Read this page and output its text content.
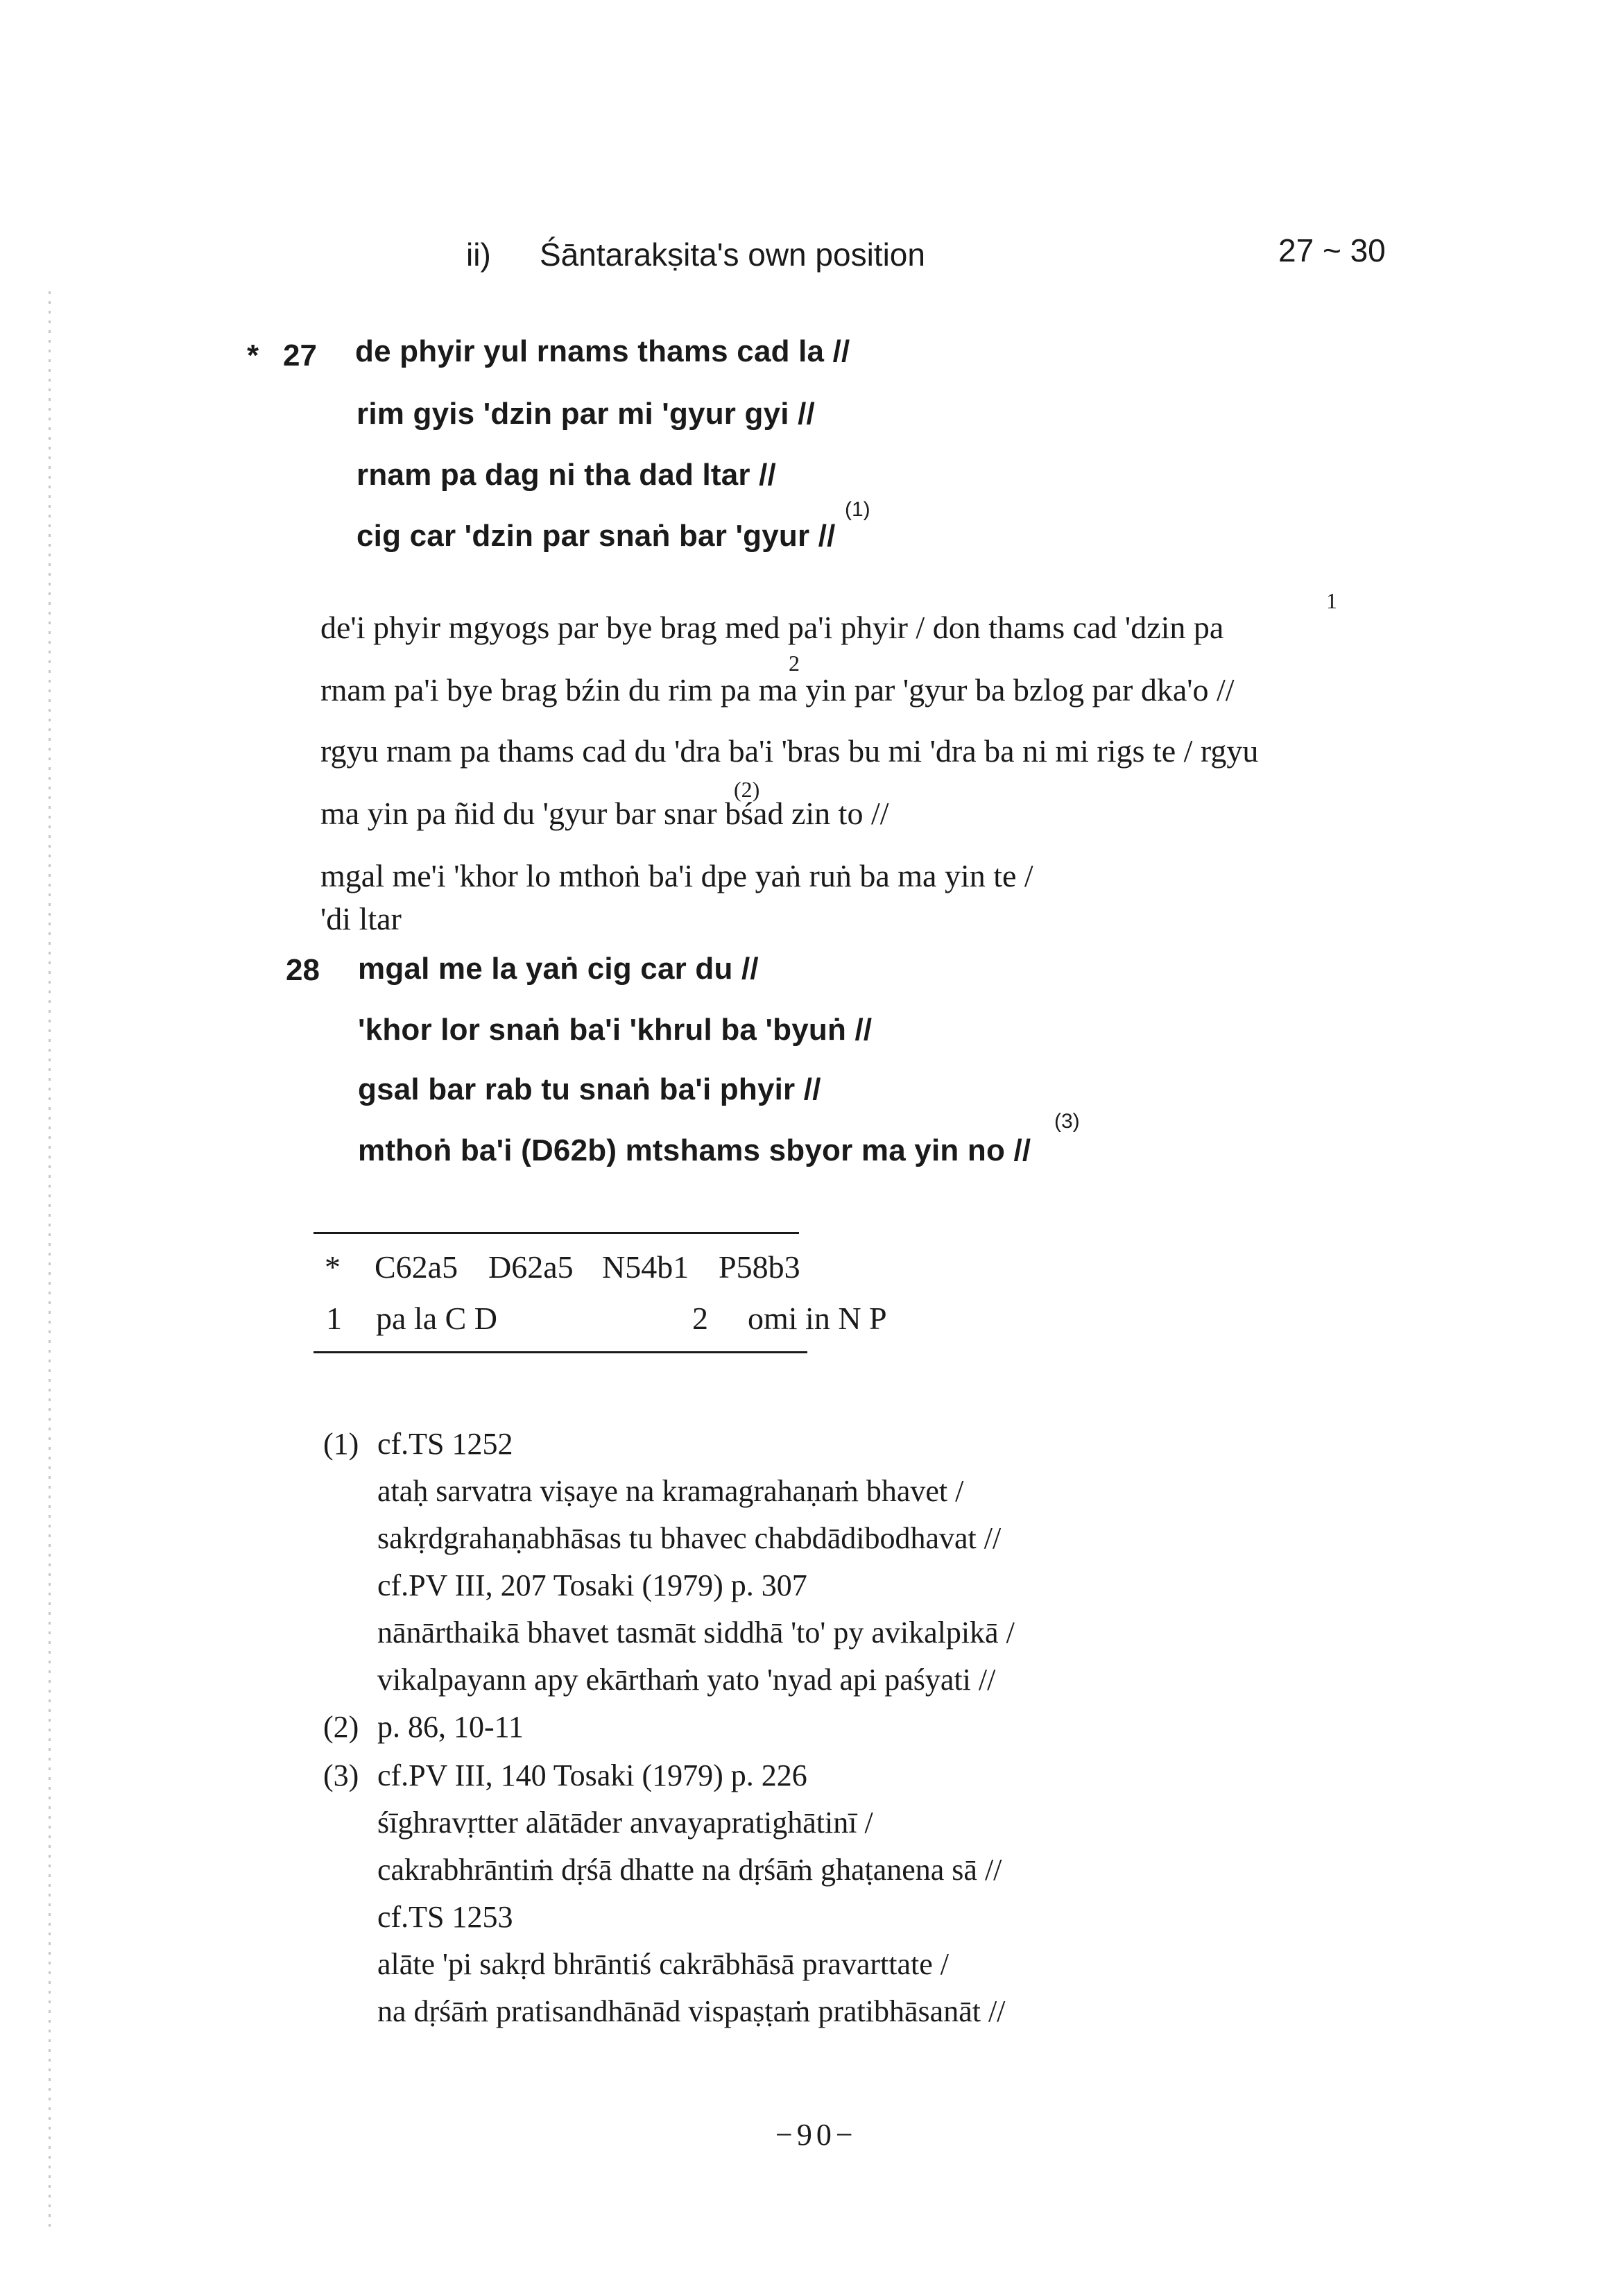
ii) Śāntarakṣita's own position	27 ~ 30
* 27 de phyir yul rnams thams cad la //
rim gyis 'dzin par mi 'gyur gyi //
rnam pa dag ni tha dad ltar //
cig car 'dzin par snaṅ bar 'gyur //
(1)
1
de'i phyir mgyogs par bye brag med pa'i phyir / don thams cad 'dzin pa
2
rnam pa'i bye brag bźin du rim pa ma yin par 'gyur ba bzlog par dka'o //
rgyu rnam pa thams cad du 'dra ba'i 'bras bu mi 'dra ba ni mi rigs te / rgyu
(2)
ma yin pa ñid du 'gyur bar snar bśad zin to //
mgal me'i 'khor lo mthoṅ ba'i dpe yaṅ ruṅ ba ma yin te /
'di ltar
28 mgal me la yaṅ cig car du //
'khor lor snaṅ ba'i 'khrul ba 'byuṅ //
gsal bar rab tu snaṅ ba'i phyir //
mthoṅ ba'i (D62b) mtshams sbyor ma yin no //
(3)
* C62a5 D62a5 N54b1 P58b3
1 pa la C D	2 omi in N P
(1) cf.TS 1252
ataḥ sarvatra viṣaye na kramagrahaṇaṁ bhavet /
sakṛdgrahaṇabhāsas tu bhavec chabdādibodhavat //
cf.PV III, 207 Tosaki (1979) p. 307
nānārthaikā bhavet tasmāt siddhā 'to' py avikalpikā /
vikalpayann apy ekārthaṁ yato 'nyad api paśyati //
(2) p. 86, 10-11
(3) cf.PV III, 140 Tosaki (1979) p. 226
śīghravṛtter alātāder anvayapratighātinī /
cakrabhrāntiṁ dṛśā dhatte na dṛśāṁ ghaṭanena sā //
cf.TS 1253
alāte 'pi sakṛd bhrāntiś cakrābhāsā pravarttate /
na dṛśāṁ pratisandhānād vispaṣṭaṁ pratibhāsanāt //
−90−
